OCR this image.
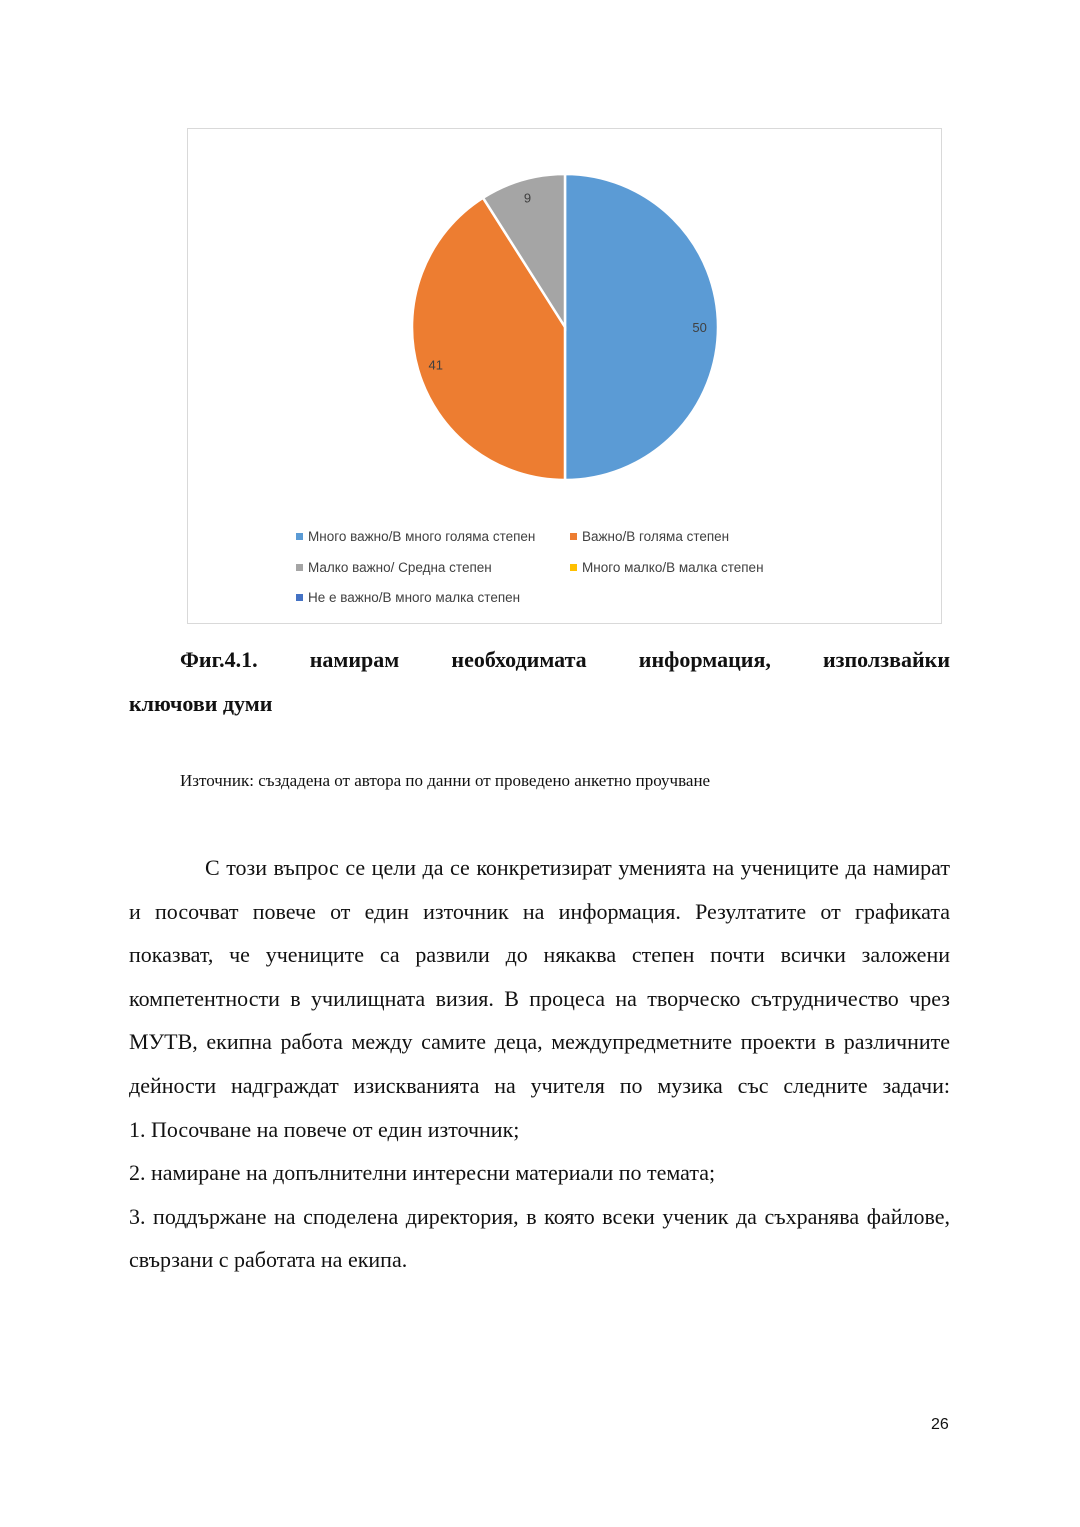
50
41
9
Много важно/В много голяма степен	Важно/В голяма степен
Малко важно/ Средна степен	Много малко/В малка степен
Не е важно/В много малка степен
Фиг.4.1. намирам необходимата информация, използвайки
ключови думи
Източник: създадена от автора по данни от проведено анкетно проучване
С този въпрос се цели да се конкретизират уменията на учениците да намират и посочват повече от един източник на информация. Резултатите от графиката показват, че учениците са развили до някаква степен почти всички заложени компетентности в училищната визия. В процеса на творческо сътрудничество чрез МУТВ, екипна работа между самите деца, междупредметните проекти в различните дейности надграждат изискванията на учителя по музика със следните задачи:
1. Посочване на повече от един източник;
2. намиране на допълнителни интересни материали по темата;
3. поддържане на споделена директория, в която всеки ученик да съхранява файлове, свързани с работата на екипа.
26
